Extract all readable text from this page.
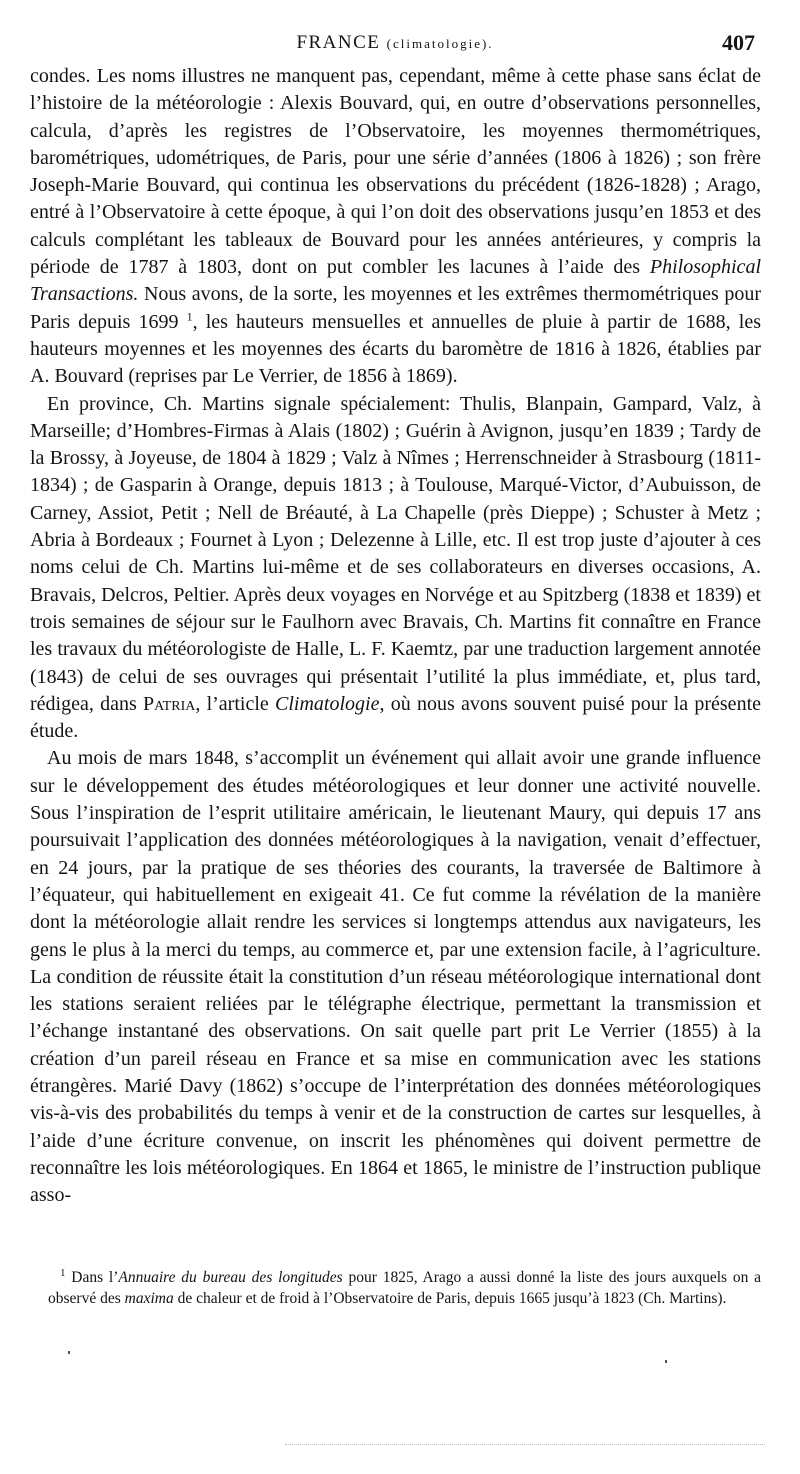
FRANCE (climatologie).	407

condes. Les noms illustres ne manquent pas, cependant, même à cette phase sans éclat de l’histoire de la météorologie : Alexis Bouvard, qui, en outre d’observations personnelles, calcula, d’après les registres de l’Observatoire, les moyennes thermométriques, barométriques, udométriques, de Paris, pour une série d’années (1806 à 1826) ; son frère Joseph-Marie Bouvard, qui continua les observations du précédent (1826-1828) ; Arago, entré à l’Observatoire à cette époque, à qui l’on doit des observations jusqu’en 1853 et des calculs complétant les tableaux de Bouvard pour les années antérieures, y compris la période de 1787 à 1803, dont on put combler les lacunes à l’aide des Philosophical Transactions. Nous avons, de la sorte, les moyennes et les extrêmes thermométriques pour Paris depuis 1699 $^1$, les hauteurs mensuelles et annuelles de pluie à partir de 1688, les hauteurs moyennes et les moyennes des écarts du baromètre de 1816 à 1826, établies par A. Bouvard (reprises par Le Verrier, de 1856 à 1869).

En province, Ch. Martins signale spécialement: Thulis, Blanpain, Gampard, Valz, à Marseille; d’Hombres-Firmas à Alais (1802) ; Guérin à Avignon, jusqu’en 1839 ; Tardy de la Brossy, à Joyeuse, de 1804 à 1829 ; Valz à Nîmes ; Herrenschneider à Strasbourg (1811-1834) ; de Gasparin à Orange, depuis 1813 ; à Toulouse, Marqué-Victor, d’Aubuisson, de Carney, Assiot, Petit ; Nell de Bréauté, à La Chapelle (près Dieppe) ; Schuster à Metz ; Abria à Bordeaux ; Fournet à Lyon ; Delezenne à Lille, etc. Il est trop juste d’ajouter à ces noms celui de Ch. Martins lui-même et de ses collaborateurs en diverses occasions, A. Bravais, Delcros, Peltier. Après deux voyages en Norvége et au Spitzberg (1838 et 1839) et trois semaines de séjour sur le Faulhorn avec Bravais, Ch. Martins fit connaître en France les travaux du météorologiste de Halle, L. F. Kaemtz, par une traduction largement annotée (1843) de celui de ses ouvrages qui présentait l’utilité la plus immédiate, et, plus tard, rédigea, dans Patria, l’article Climatologie, où nous avons souvent puisé pour la présente étude.

Au mois de mars 1848, s’accomplit un événement qui allait avoir une grande influence sur le développement des études météorologiques et leur donner une activité nouvelle. Sous l’inspiration de l’esprit utilitaire américain, le lieutenant Maury, qui depuis 17 ans poursuivait l’application des données météorologiques à la navigation, venait d’effectuer, en 24 jours, par la pratique de ses théories des courants, la traversée de Baltimore à l’équateur, qui habituellement en exigeait 41. Ce fut comme la révélation de la manière dont la météorologie allait rendre les services si longtemps attendus aux navigateurs, les gens le plus à la merci du temps, au commerce et, par une extension facile, à l’agriculture. La condition de réussite était la constitution d’un réseau météorologique international dont les stations seraient reliées par le télégraphe électrique, permettant la transmission et l’échange instantané des observations. On sait quelle part prit Le Verrier (1855) à la création d’un pareil réseau en France et sa mise en communication avec les stations étrangères. Marié Davy (1862) s’occupe de l’interprétation des données météorologiques vis-à-vis des probabilités du temps à venir et de la construction de cartes sur lesquelles, à l’aide d’une écriture convenue, on inscrit les phénomènes qui doivent permettre de reconnaître les lois météorologiques. En 1864 et 1865, le ministre de l’instruction publique asso-

$^1$ Dans l’Annuaire du bureau des longitudes pour 1825, Arago a aussi donné la liste des jours auxquels on a observé des maxima de chaleur et de froid à l’Observatoire de Paris, depuis 1665 jusqu’à 1823 (Ch. Martins).
